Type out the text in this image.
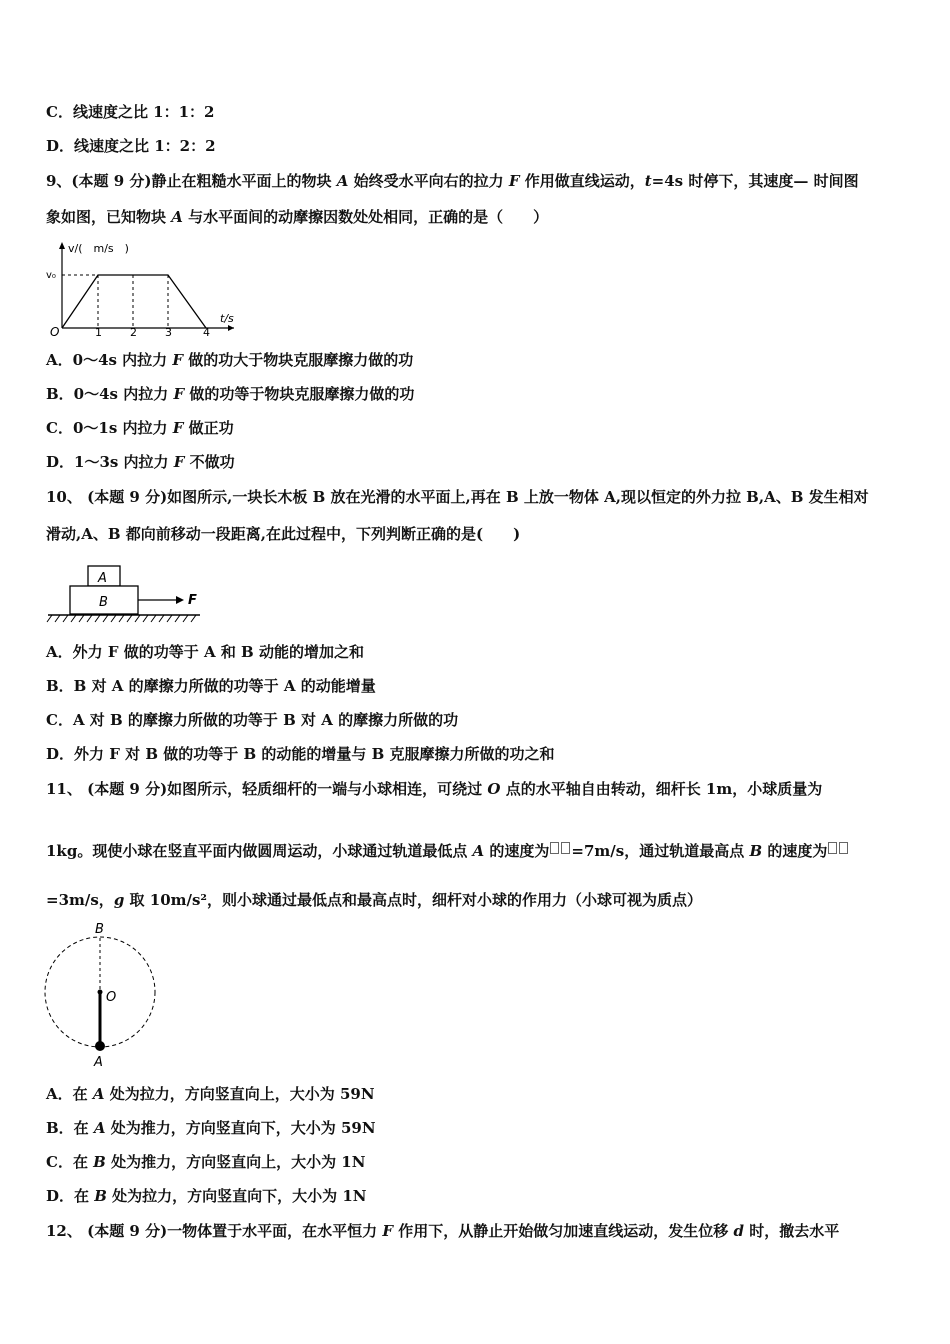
C．线速度之比 1：1：2
D．线速度之比 1：2：2
9、(本题 9 分)静止在粗糙水平面上的物块 A 始终受水平向右的拉力 F 作用做直线运动，t=4s 时停下，其速度— 时间图
象如图，已知物块 A 与水平面间的动摩擦因数处处相同，正确的是（　　）
v/(　m/s　)
v₀
O	1	2	3	4
t/s
A．0～4s 内拉力 F 做的功大于物块克服摩擦力做的功
B．0～4s 内拉力 F 做的功等于物块克服摩擦力做的功
C．0～1s 内拉力 F 做正功
D．1～3s 内拉力 F 不做功
10、 (本题 9 分)如图所示,一块长木板 B 放在光滑的水平面上,再在 B 上放一物体 A,现以恒定的外力拉 B,A、B 发生相对
滑动,A、B 都向前移动一段距离,在此过程中，下列判断正确的是(　　)
A
B	F
A．外力 F 做的功等于 A 和 B 动能的增加之和
B．B 对 A 的摩擦力所做的功等于 A 的动能增量
C．A 对 B 的摩擦力所做的功等于 B 对 A 的摩擦力所做的功
D．外力 F 对 B 做的功等于 B 的动能的增量与 B 克服摩擦力所做的功之和
11、 (本题 9 分)如图所示，轻质细杆的一端与小球相连，可绕过 O 点的水平轴自由转动，细杆长 1m，小球质量为
1kg。现使小球在竖直平面内做圆周运动，小球通过轨道最低点 A 的速度为 =7m/s，通过轨道最高点 B 的速度为
=3m/s，g 取 10m/s²，则小球通过最低点和最高点时，细杆对小球的作用力（小球可视为质点）
B
O
A
A．在 A 处为拉力，方向竖直向上，大小为 59N
B．在 A 处为推力，方向竖直向下，大小为 59N
C．在 B 处为推力，方向竖直向上，大小为 1N
D．在 B 处为拉力，方向竖直向下，大小为 1N
12、 (本题 9 分)一物体置于水平面，在水平恒力 F 作用下，从静止开始做匀加速直线运动，发生位移 d 时，撤去水平
